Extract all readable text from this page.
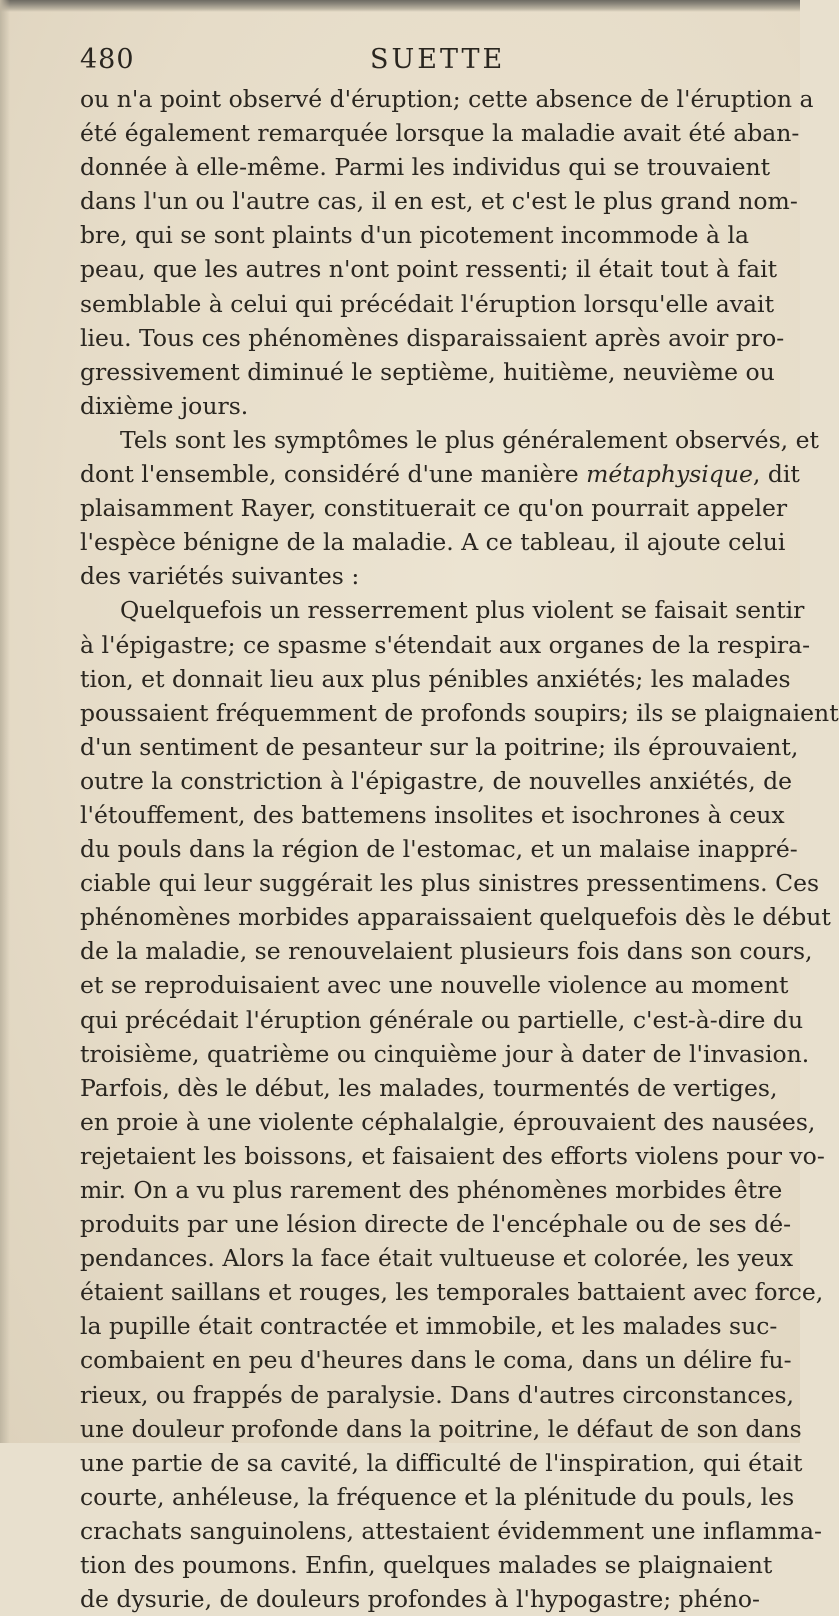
480	SUETTE
ou n'a point observé d'éruption; cette absence de l'éruption a
été également remarquée lorsque la maladie avait été aban-
donnée à elle-même. Parmi les individus qui se trouvaient
dans l'un ou l'autre cas, il en est, et c'est le plus grand nom-
bre, qui se sont plaints d'un picotement incommode à la
peau, que les autres n'ont point ressenti; il était tout à fait
semblable à celui qui précédait l'éruption lorsqu'elle avait
lieu. Tous ces phénomènes disparaissaient après avoir pro-
gressivement diminué le septième, huitième, neuvième ou
dixième jours.
Tels sont les symptômes le plus généralement observés, et
dont l'ensemble, considéré d'une manière métaphysique, dit
plaisamment Rayer, constituerait ce qu'on pourrait appeler
l'espèce bénigne de la maladie. A ce tableau, il ajoute celui
des variétés suivantes :
Quelquefois un resserrement plus violent se faisait sentir
à l'épigastre; ce spasme s'étendait aux organes de la respira-
tion, et donnait lieu aux plus pénibles anxiétés; les malades
poussaient fréquemment de profonds soupirs; ils se plaignaient
d'un sentiment de pesanteur sur la poitrine; ils éprouvaient,
outre la constriction à l'épigastre, de nouvelles anxiétés, de
l'étouffement, des battemens insolites et isochrones à ceux
du pouls dans la région de l'estomac, et un malaise inappré-
ciable qui leur suggérait les plus sinistres pressentimens. Ces
phénomènes morbides apparaissaient quelquefois dès le début
de la maladie, se renouvelaient plusieurs fois dans son cours,
et se reproduisaient avec une nouvelle violence au moment
qui précédait l'éruption générale ou partielle, c'est-à-dire du
troisième, quatrième ou cinquième jour à dater de l'invasion.
Parfois, dès le début, les malades, tourmentés de vertiges,
en proie à une violente céphalalgie, éprouvaient des nausées,
rejetaient les boissons, et faisaient des efforts violens pour vo-
mir. On a vu plus rarement des phénomènes morbides être
produits par une lésion directe de l'encéphale ou de ses dé-
pendances. Alors la face était vultueuse et colorée, les yeux
étaient saillans et rouges, les temporales battaient avec force,
la pupille était contractée et immobile, et les malades suc-
combaient en peu d'heures dans le coma, dans un délire fu-
rieux, ou frappés de paralysie. Dans d'autres circonstances,
une douleur profonde dans la poitrine, le défaut de son dans
une partie de sa cavité, la difficulté de l'inspiration, qui était
courte, anhéleuse, la fréquence et la plénitude du pouls, les
crachats sanguinolens, attestaient évidemment une inflamma-
tion des poumons. Enfin, quelques malades se plaignaient
de dysurie, de douleurs profondes à l'hypogastre; phéno-
